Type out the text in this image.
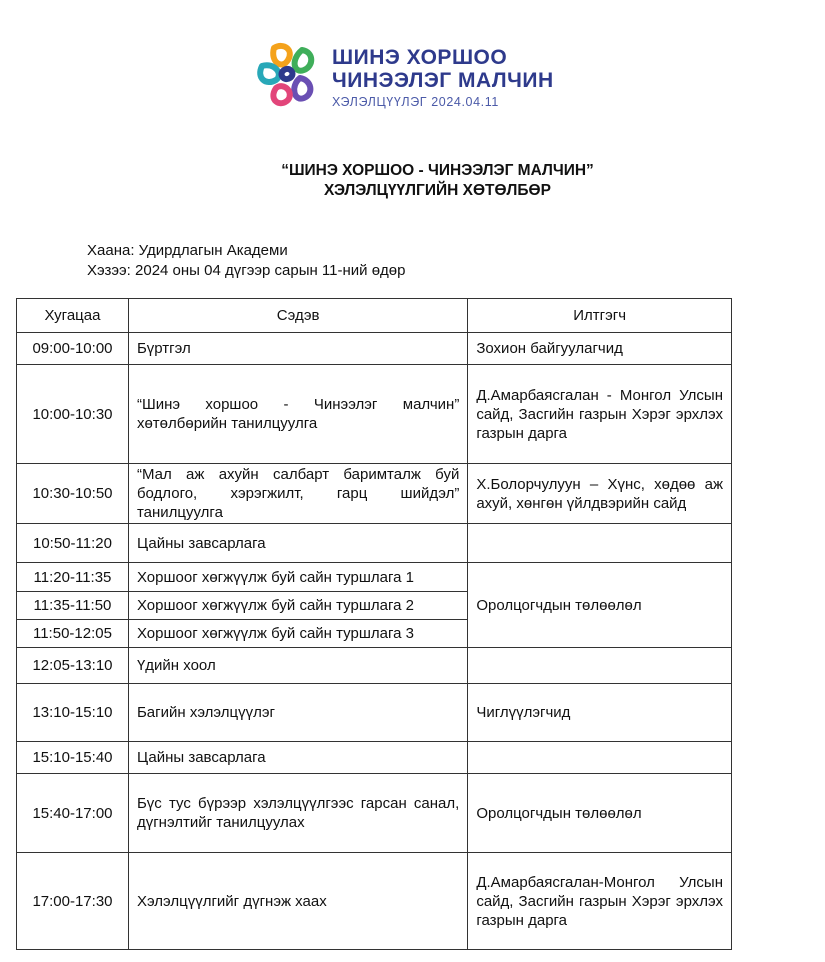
ШИНЭ ХОРШОО
ЧИНЭЭЛЭГ МАЛЧИН
ХЭЛЭЛЦҮҮЛЭГ 2024.04.11
“ШИНЭ ХОРШОО - ЧИНЭЭЛЭГ МАЛЧИН”
ХЭЛЭЛЦҮҮЛГИЙН ХӨТӨЛБӨР
Хаана: Удирдлагын Академи
Хэзээ: 2024 оны 04 дүгээр сарын 11-ний өдөр
Хугацаа	Сэдэв	Илтгэгч
09:00-10:00	Бүртгэл	Зохион байгуулагчид
10:00-10:30	“Шинэ хоршоо - Чинээлэг малчин” хөтөлбөрийн танилцуулга	Д.Амарбаясгалан - Монгол Улсын сайд, Засгийн газрын Хэрэг эрхлэх газрын дарга
10:30-10:50	“Мал аж ахуйн салбарт баримталж буй бодлого, хэрэгжилт, гарц шийдэл” танилцуулга	Х.Болорчулуун – Хүнс, хөдөө аж ахуй, хөнгөн үйлдвэрийн сайд
10:50-11:20	Цайны завсарлага	
11:20-11:35	Хоршоог хөгжүүлж буй сайн туршлага 1	Оролцогчдын төлөөлөл
11:35-11:50	Хоршоог хөгжүүлж буй сайн туршлага 2	
11:50-12:05	Хоршоог хөгжүүлж буй сайн туршлага 3	
12:05-13:10	Үдийн хоол	
13:10-15:10	Багийн хэлэлцүүлэг	Чиглүүлэгчид
15:10-15:40	Цайны завсарлага	
15:40-17:00	Бүс тус бүрээр хэлэлцүүлгээс гарсан санал, дүгнэлтийг танилцуулах	Оролцогчдын төлөөлөл
17:00-17:30	Хэлэлцүүлгийг дүгнэж хаах	Д.Амарбаясгалан-Монгол Улсын сайд, Засгийн газрын Хэрэг эрхлэх газрын дарга
